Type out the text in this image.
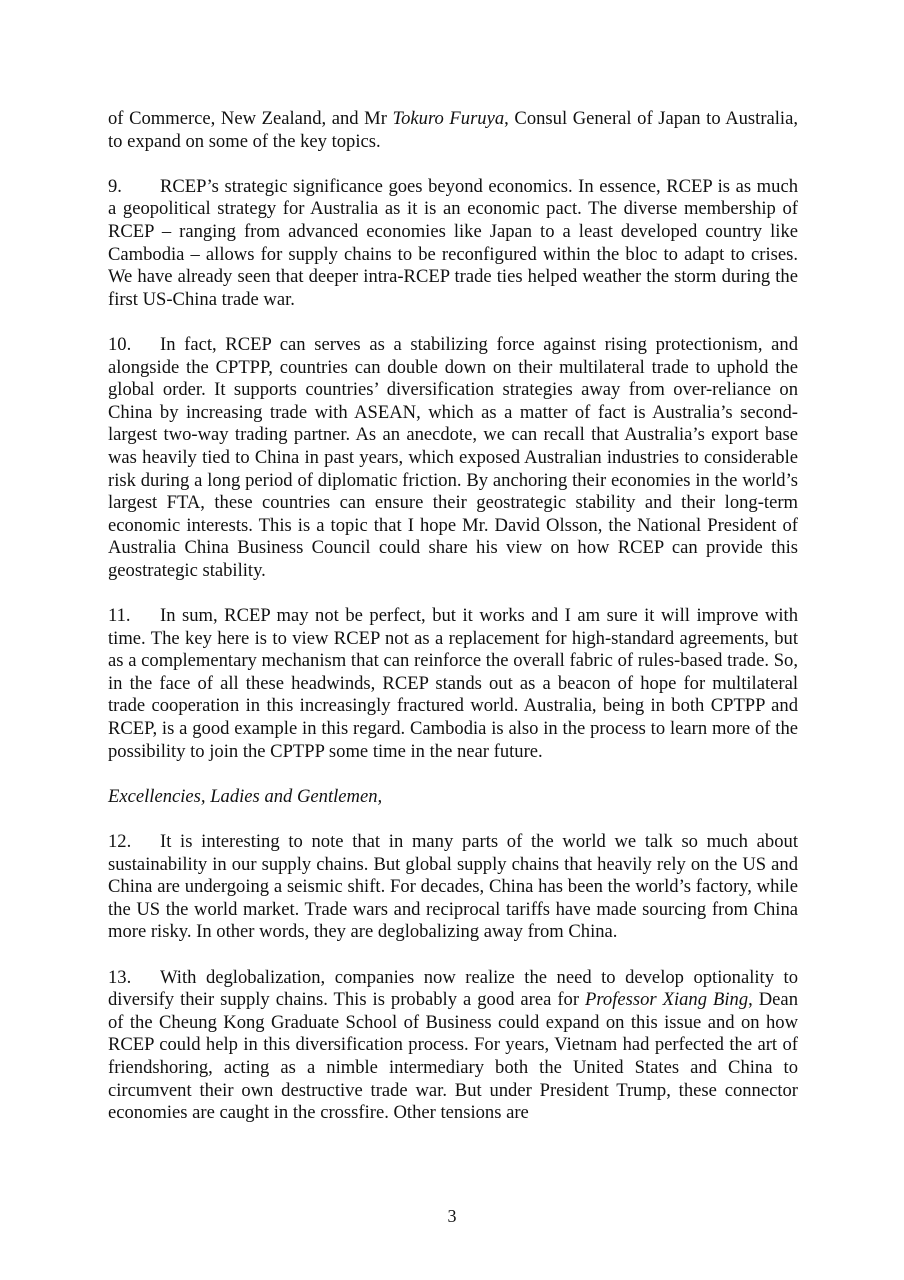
of Commerce, New Zealand, and Mr Tokuro Furuya, Consul General of Japan to Australia, to expand on some of the key topics.

9. RCEP’s strategic significance goes beyond economics. In essence, RCEP is as much a geopolitical strategy for Australia as it is an economic pact. The diverse membership of RCEP – ranging from advanced economies like Japan to a least developed country like Cambodia – allows for supply chains to be reconfigured within the bloc to adapt to crises. We have already seen that deeper intra-RCEP trade ties helped weather the storm during the first US-China trade war.

10. In fact, RCEP can serves as a stabilizing force against rising protectionism, and alongside the CPTPP, countries can double down on their multilateral trade to uphold the global order. It supports countries’ diversification strategies away from over-reliance on China by increasing trade with ASEAN, which as a matter of fact is Australia’s second-largest two-way trading partner. As an anecdote, we can recall that Australia’s export base was heavily tied to China in past years, which exposed Australian industries to considerable risk during a long period of diplomatic friction. By anchoring their economies in the world’s largest FTA, these countries can ensure their geostrategic stability and their long-term economic interests. This is a topic that I hope Mr. David Olsson, the National President of Australia China Business Council could share his view on how RCEP can provide this geostrategic stability.

11. In sum, RCEP may not be perfect, but it works and I am sure it will improve with time. The key here is to view RCEP not as a replacement for high-standard agreements, but as a complementary mechanism that can reinforce the overall fabric of rules-based trade. So, in the face of all these headwinds, RCEP stands out as a beacon of hope for multilateral trade cooperation in this increasingly fractured world. Australia, being in both CPTPP and RCEP, is a good example in this regard. Cambodia is also in the process to learn more of the possibility to join the CPTPP some time in the near future.

Excellencies, Ladies and Gentlemen,

12. It is interesting to note that in many parts of the world we talk so much about sustainability in our supply chains. But global supply chains that heavily rely on the US and China are undergoing a seismic shift. For decades, China has been the world’s factory, while the US the world market. Trade wars and reciprocal tariffs have made sourcing from China more risky. In other words, they are deglobalizing away from China.

13. With deglobalization, companies now realize the need to develop optionality to diversify their supply chains. This is probably a good area for Professor Xiang Bing, Dean of the Cheung Kong Graduate School of Business could expand on this issue and on how RCEP could help in this diversification process. For years, Vietnam had perfected the art of friendshoring, acting as a nimble intermediary both the United States and China to circumvent their own destructive trade war. But under President Trump, these connector economies are caught in the crossfire. Other tensions are

3
